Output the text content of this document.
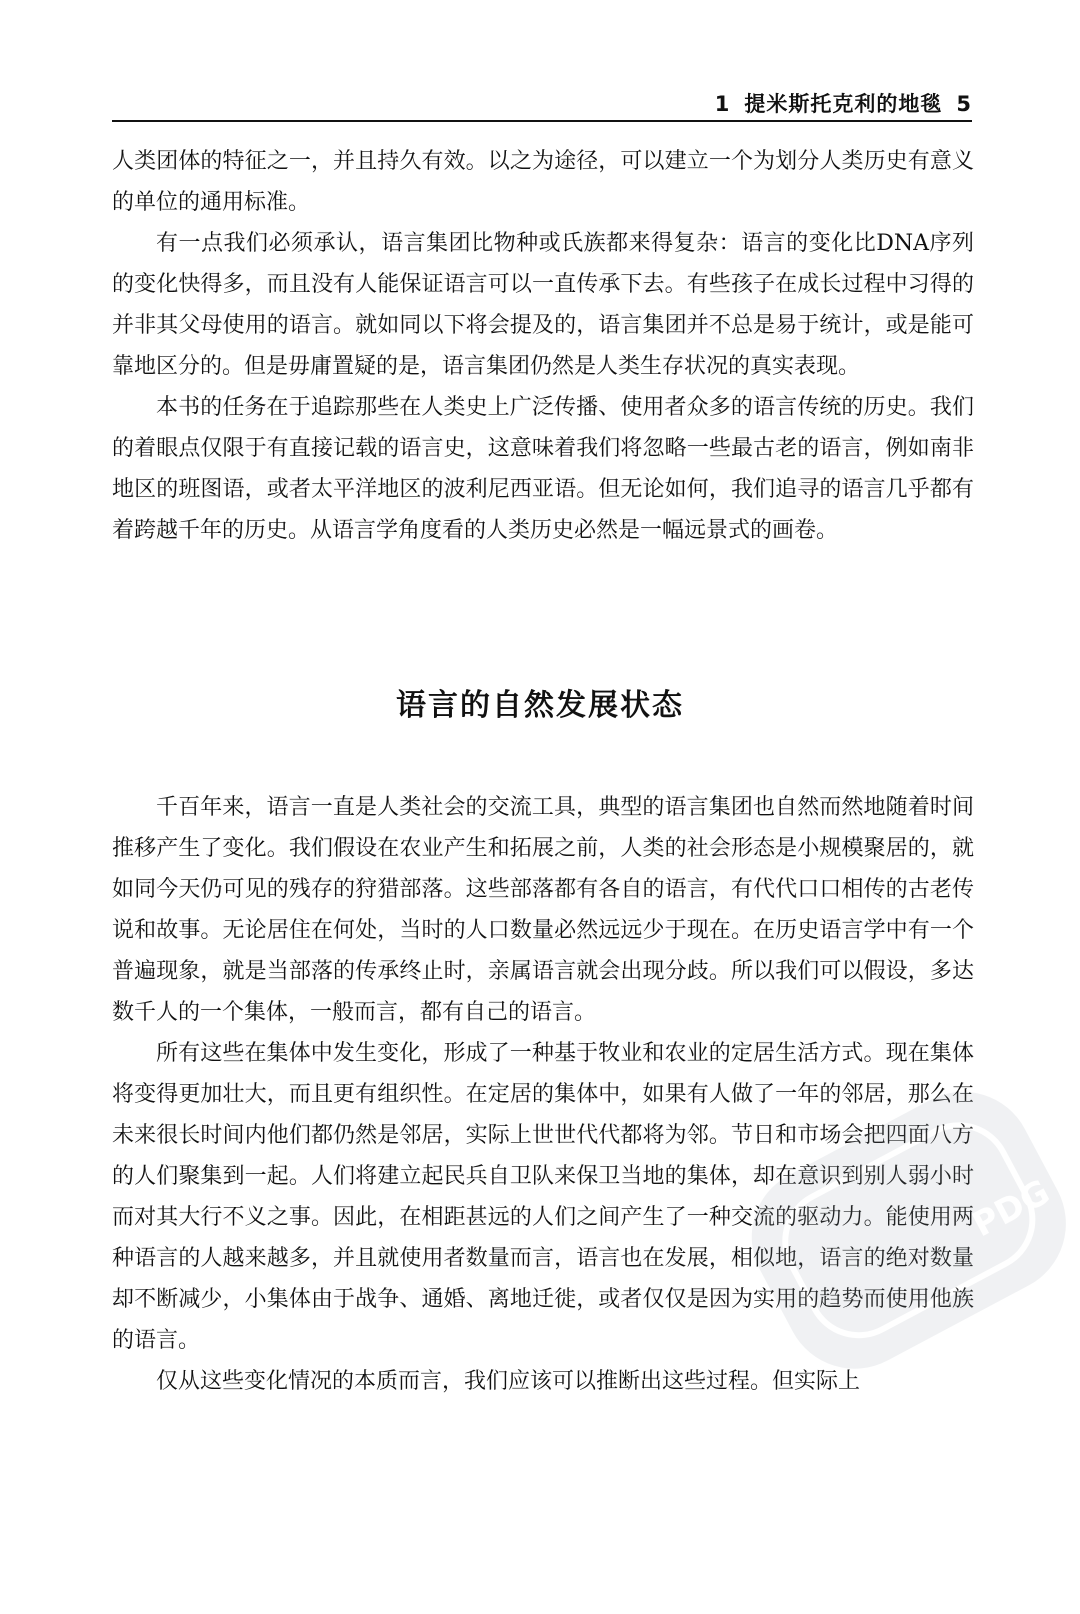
1 提米斯托克利的地毯 5

人类团体的特征之一，并且持久有效。以之为途径，可以建立一个为划分人类历史有意义的单位的通用标准。

有一点我们必须承认，语言集团比物种或氏族都来得复杂：语言的变化比DNA序列的变化快得多，而且没有人能保证语言可以一直传承下去。有些孩子在成长过程中习得的并非其父母使用的语言。就如同以下将会提及的，语言集团并不总是易于统计，或是能可靠地区分的。但是毋庸置疑的是，语言集团仍然是人类生存状况的真实表现。

本书的任务在于追踪那些在人类史上广泛传播、使用者众多的语言传统的历史。我们的着眼点仅限于有直接记载的语言史，这意味着我们将忽略一些最古老的语言，例如南非地区的班图语，或者太平洋地区的波利尼西亚语。但无论如何，我们追寻的语言几乎都有着跨越千年的历史。从语言学角度看的人类历史必然是一幅远景式的画卷。

语言的自然发展状态

千百年来，语言一直是人类社会的交流工具，典型的语言集团也自然而然地随着时间推移产生了变化。我们假设在农业产生和拓展之前，人类的社会形态是小规模聚居的，就如同今天仍可见的残存的狩猎部落。这些部落都有各自的语言，有代代口口相传的古老传说和故事。无论居住在何处，当时的人口数量必然远远少于现在。在历史语言学中有一个普遍现象，就是当部落的传承终止时，亲属语言就会出现分歧。所以我们可以假设，多达数千人的一个集体，一般而言，都有自己的语言。

所有这些在集体中发生变化，形成了一种基于牧业和农业的定居生活方式。现在集体将变得更加壮大，而且更有组织性。在定居的集体中，如果有人做了一年的邻居，那么在未来很长时间内他们都仍然是邻居，实际上世世代代都将为邻。节日和市场会把四面八方的人们聚集到一起。人们将建立起民兵自卫队来保卫当地的集体，却在意识到别人弱小时而对其大行不义之事。因此，在相距甚远的人们之间产生了一种交流的驱动力。能使用两种语言的人越来越多，并且就使用者数量而言，语言也在发展，相似地，语言的绝对数量却不断减少，小集体由于战争、通婚、离地迁徙，或者仅仅是因为实用的趋势而使用他族的语言。

仅从这些变化情况的本质而言，我们应该可以推断出这些过程。但实际上

PDG
